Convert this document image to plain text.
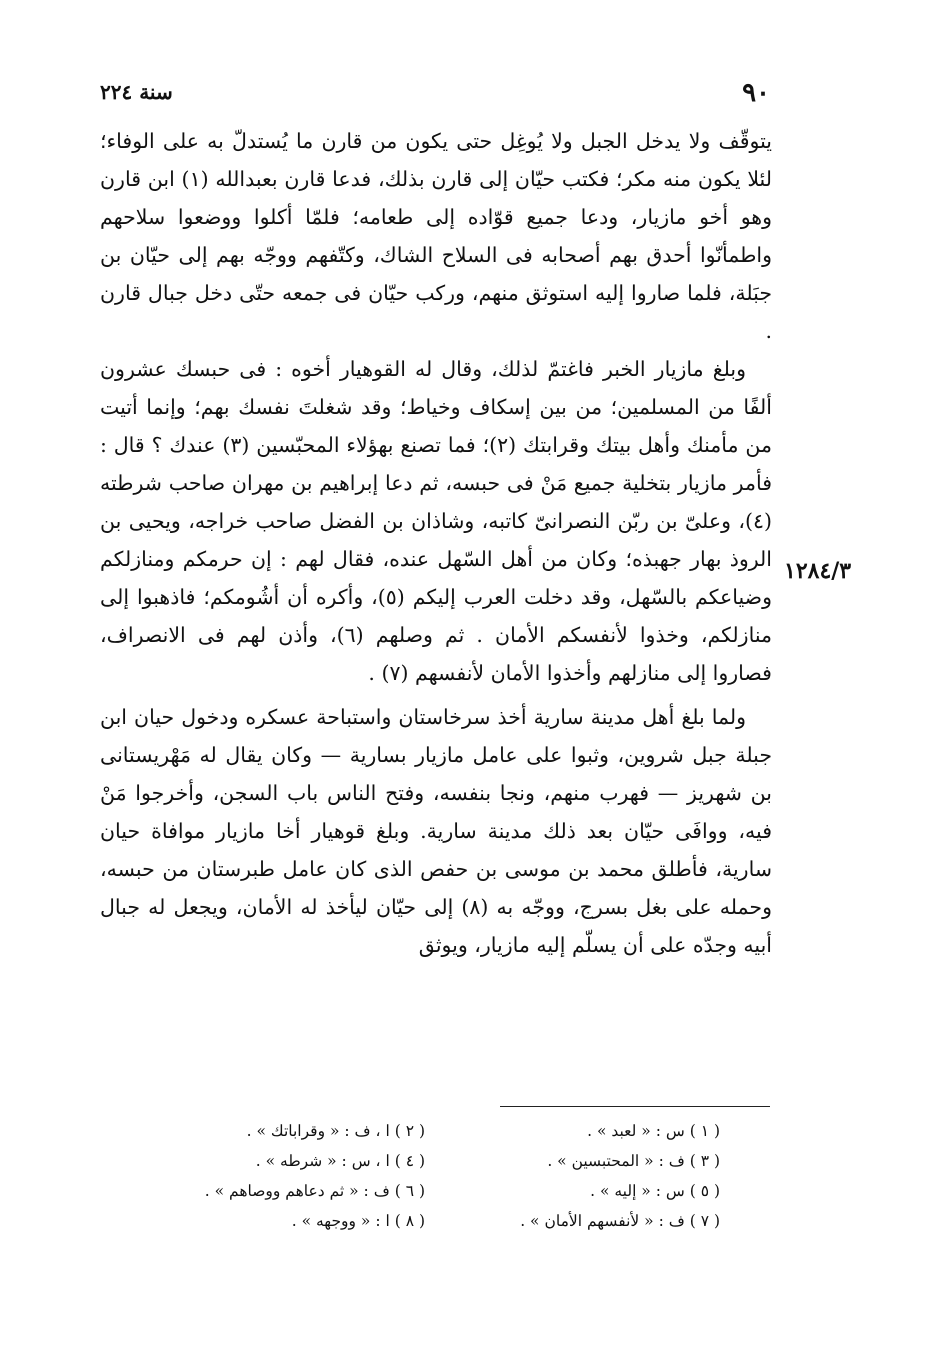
٩٠
سنة ٢٢٤

يتوقّف ولا يدخل الجبل ولا يُوغِل حتى يكون من قارن ما يُستدلّ به على الوفاء؛ لئلا يكون منه مكر؛ فكتب حيّان إلى قارن بذلك، فدعا قارن بعبدالله (١) ابن قارن وهو أخو مازيار، ودعا جميع قوّاده إلى طعامه؛ فلمّا أكلوا ووضعوا سلاحهم واطمأنّوا أحدق بهم أصحابه فى السلاح الشاك، وكتّفهم ووجّه بهم إلى حيّان بن جبَلة، فلما صاروا إليه استوثق منهم، وركب حيّان فى جمعه حتّى دخل جبال قارن .

وبلغ مازيار الخبر فاغتمّ لذلك، وقال له القوهيار أخوه : فى حبسك عشرون ألفًا من المسلمين؛ من بين إسكاف وخياط؛ وقد شغلتَ نفسك بهم؛ وإنما أتيت من مأمنك وأهل بيتك وقرابتك (٢)؛ فما تصنع بهؤلاء المحبّسين (٣) عندك ؟ قال : فأمر مازيار بتخلية جميع مَنْ فى حبسه، ثم دعا إبراهيم بن مهران صاحب شرطته (٤)، وعلىّ بن ربّن النصرانىّ كاتبه، وشاذان بن الفضل صاحب خراجه، ويحيى بن الروذ بهار جهبذه؛ وكان من أهل السّهل عنده، فقال لهم : إن حرمكم ومنازلكم وضياعكم بالسّهل، وقد دخلت العرب إليكم (٥)، وأكره أن أشُومكم؛ فاذهبوا إلى منازلكم، وخذوا لأنفسكم الأمان . ثم وصلهم (٦)، وأذن لهم فى الانصراف، فصاروا إلى منازلهم وأخذوا الأمان لأنفسهم (٧) .

ولما بلغ أهل مدينة سارية أخذ سرخاستان واستباحة عسكره ودخول حيان ابن جبلة جبل شروين، وثبوا على عامل مازيار بسارية — وكان يقال له مَهْريستانى بن شهريز — فهرب منهم، ونجا بنفسه، وفتح الناس باب السجن، وأخرجوا مَنْ فيه، ووافَى حيّان بعد ذلك مدينة سارية. وبلغ قوهيار أخا مازيار موافاة حيان سارية، فأطلق محمد بن موسى بن حفص الذى كان عامل طبرستان من حبسه، وحمله على بغل بسرج، ووجّه به (٨) إلى حيّان ليأخذ له الأمان، ويجعل له جبال أبيه وجدّه على أن يسلّم إليه مازيار، ويوثق

١٢٨٤/٣
( ١ ) س : « لعبد » .
( ٢ ) ا ، ف : « وقراباتك » .
( ٣ ) ف : « المحتبسين » .
( ٤ ) ا ، س : « شرطه » .
( ٥ ) س : « إليه » .
( ٦ ) ف : « ثم دعاهم ووصاهم » .
( ٧ ) ف : « لأنفسهم الأمان » .
( ٨ ) ا : « ووجهه » .
